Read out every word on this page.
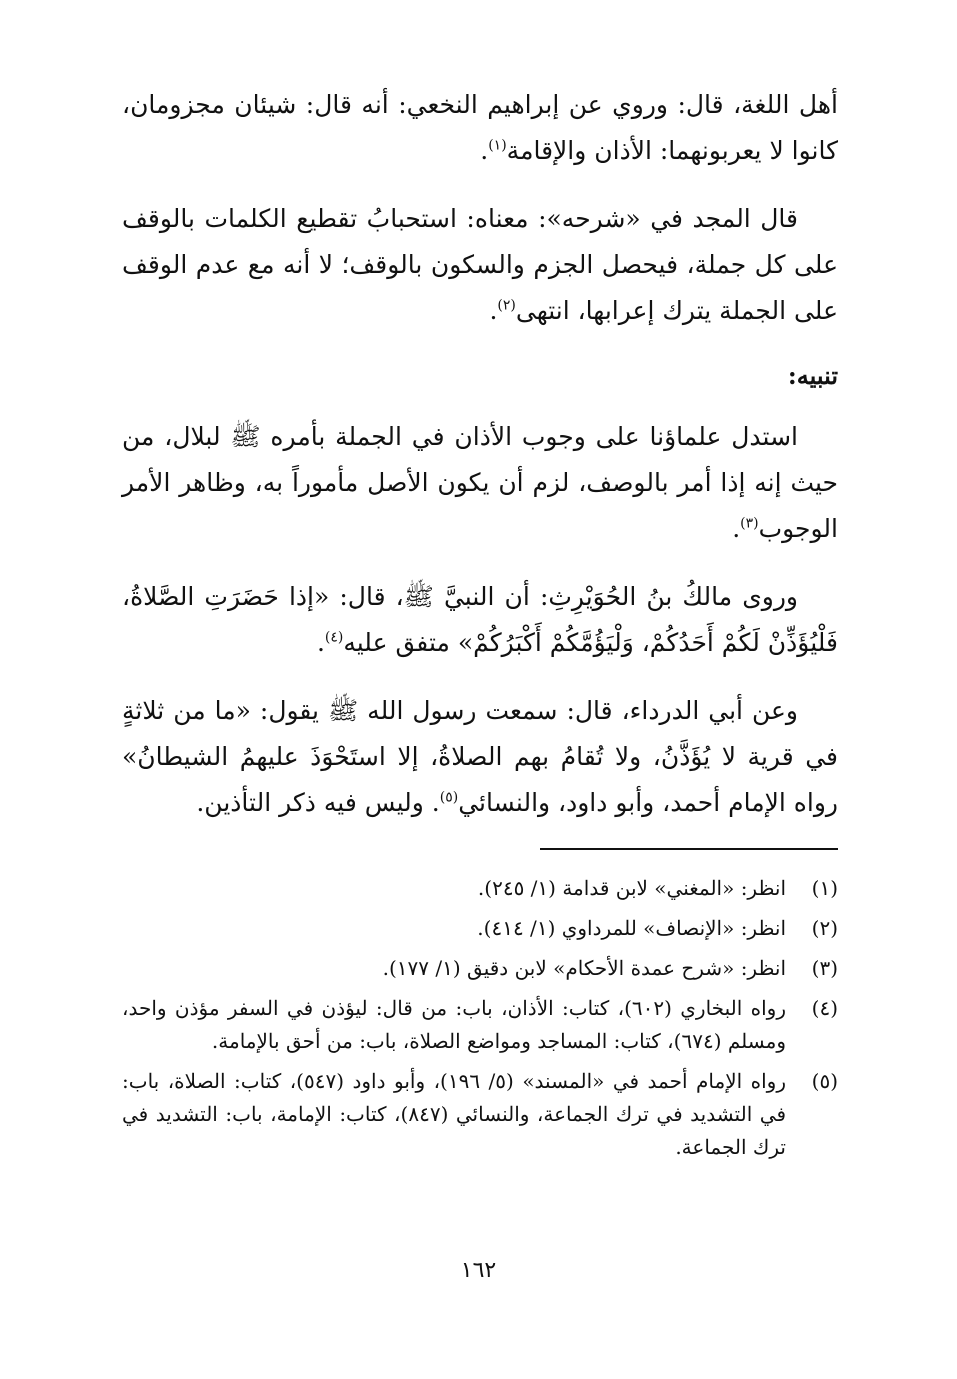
أهل اللغة، قال: وروي عن إبراهيم النخعي: أنه قال: شيئان مجزومان، كانوا لا يعربونهما: الأذان والإقامة$^{(١)}$.

قال المجد في «شرحه»: معناه: استحبابُ تقطيع الكلمات بالوقف على كل جملة، فيحصل الجزم والسكون بالوقف؛ لا أنه مع عدم الوقف على الجملة يترك إعرابها، انتهى$^{(٢)}$.

تنبيه:

استدل علماؤنا على وجوب الأذان في الجملة بأمره ﷺ لبلال، من حيث إنه إذا أمر بالوصف، لزم أن يكون الأصل مأموراً به، وظاهر الأمر الوجوب$^{(٣)}$.

وروى مالكُ بنُ الحُوَيْرِثِ: أن النبيَّ ﷺ، قال: «إذا حَضَرَتِ الصَّلاةُ، فَلْيُؤَذِّنْ لَكُمْ أَحَدُكُمْ، وَلْيَؤُمَّكُمْ أَكْبَرُكُمْ» متفق عليه$^{(٤)}$.

وعن أبي الدرداء، قال: سمعت رسول الله ﷺ يقول: «ما من ثلاثةٍ في قرية لا يُؤَذَّنُ، ولا تُقامُ بهم الصلاةُ، إلا استَحْوَذَ عليهمُ الشيطانُ» رواه الإمام أحمد، وأبو داود، والنسائي$^{(٥)}$. وليس فيه ذكر التأذين.

(١)
انظر: «المغني» لابن قدامة (١/ ٢٤٥).
(٢)
انظر: «الإنصاف» للمرداوي (١/ ٤١٤).
(٣)
انظر: «شرح عمدة الأحكام» لابن دقيق (١/ ١٧٧).
(٤)
رواه البخاري (٦٠٢)، كتاب: الأذان، باب: من قال: ليؤذن في السفر مؤذن واحد، ومسلم (٦٧٤)، كتاب: المساجد ومواضع الصلاة، باب: من أحق بالإمامة.
(٥)
رواه الإمام أحمد في «المسند» (٥/ ١٩٦)، وأبو داود (٥٤٧)، كتاب: الصلاة، باب: في التشديد في ترك الجماعة، والنسائي (٨٤٧)، كتاب: الإمامة، باب: التشديد في ترك الجماعة.
١٦٢
